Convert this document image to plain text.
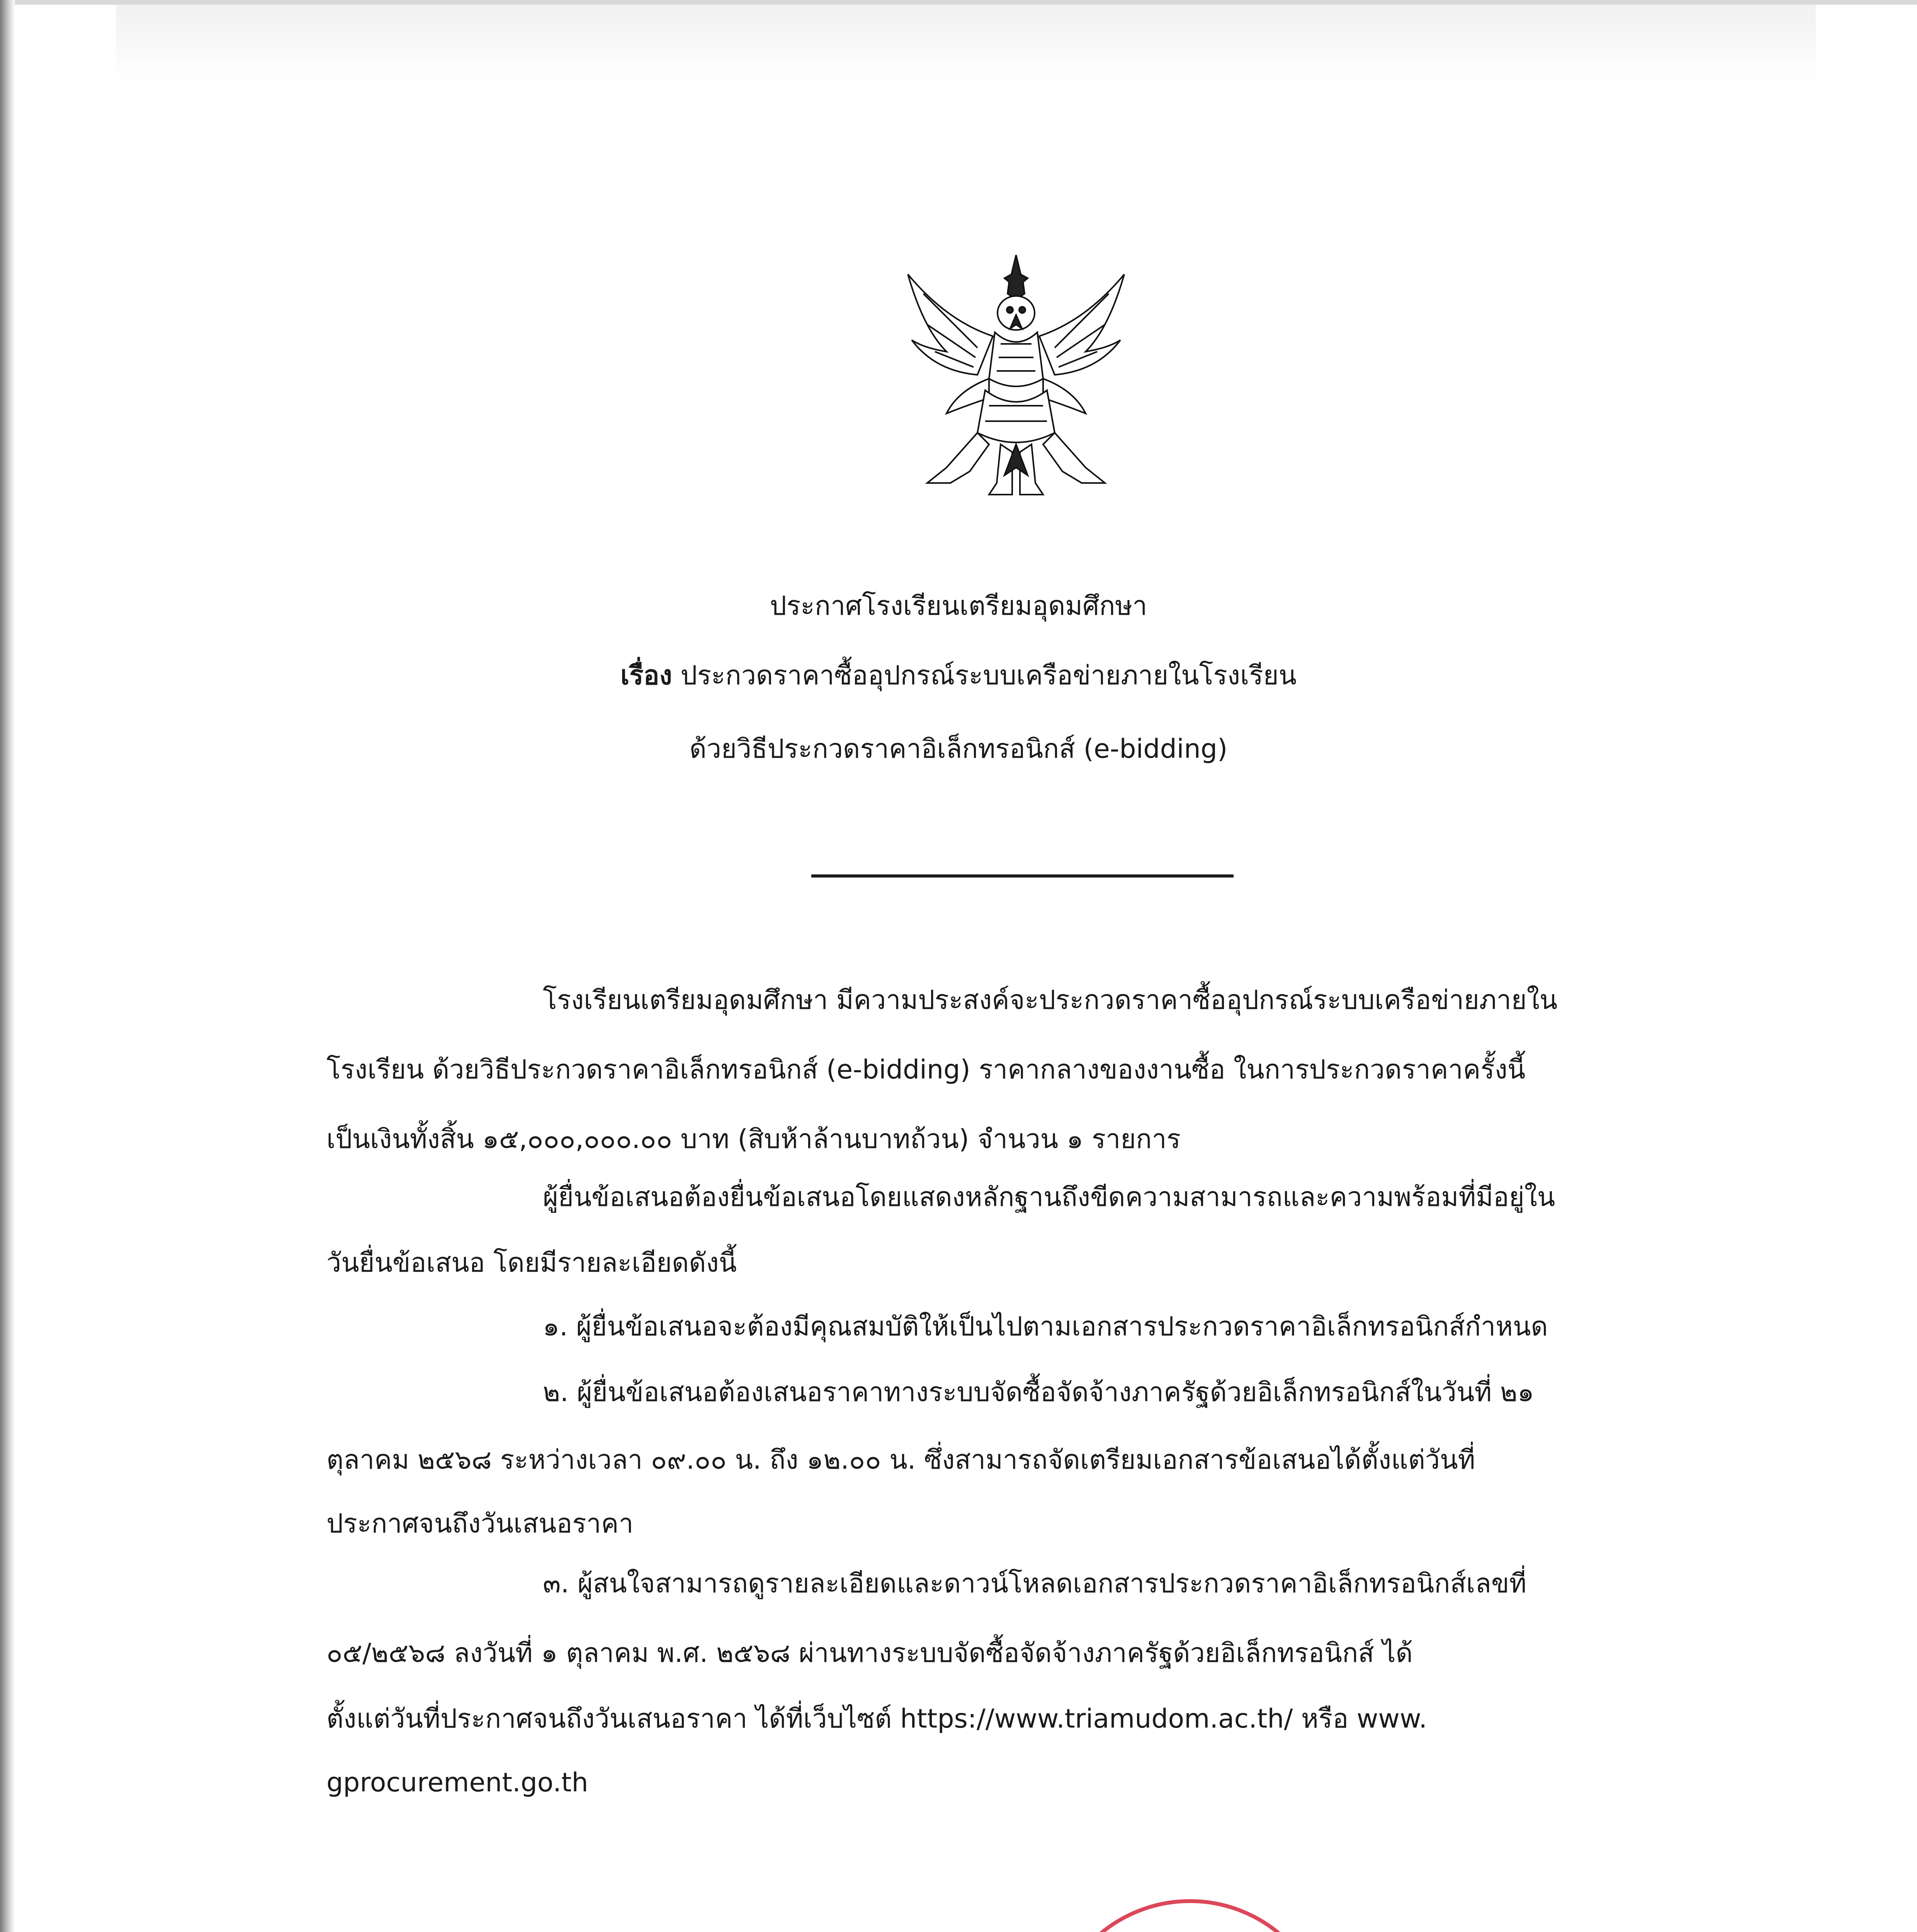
ประกาศโรงเรียนเตรียมอุดมศึกษา
เรื่อง ประกวดราคาซื้ออุปกรณ์ระบบเครือข่ายภายในโรงเรียน
ด้วยวิธีประกวดราคาอิเล็กทรอนิกส์ (e-bidding)
โรงเรียนเตรียมอุดมศึกษา มีความประสงค์จะประกวดราคาซื้ออุปกรณ์ระบบเครือข่ายภายใน
โรงเรียน ด้วยวิธีประกวดราคาอิเล็กทรอนิกส์ (e-bidding) ราคากลางของงานซื้อ ในการประกวดราคาครั้งนี้
เป็นเงินทั้งสิ้น ๑๕,๐๐๐,๐๐๐.๐๐ บาท (สิบห้าล้านบาทถ้วน) จำนวน ๑ รายการ
ผู้ยื่นข้อเสนอต้องยื่นข้อเสนอโดยแสดงหลักฐานถึงขีดความสามารถและความพร้อมที่มีอยู่ใน
วันยื่นข้อเสนอ โดยมีรายละเอียดดังนี้
๑. ผู้ยื่นข้อเสนอจะต้องมีคุณสมบัติให้เป็นไปตามเอกสารประกวดราคาอิเล็กทรอนิกส์กำหนด
๒. ผู้ยื่นข้อเสนอต้องเสนอราคาทางระบบจัดซื้อจัดจ้างภาครัฐด้วยอิเล็กทรอนิกส์ในวันที่ ๒๑
ตุลาคม ๒๕๖๘ ระหว่างเวลา ๐๙.๐๐ น. ถึง ๑๒.๐๐ น. ซึ่งสามารถจัดเตรียมเอกสารข้อเสนอได้ตั้งแต่วันที่
ประกาศจนถึงวันเสนอราคา
๓. ผู้สนใจสามารถดูรายละเอียดและดาวน์โหลดเอกสารประกวดราคาอิเล็กทรอนิกส์เลขที่
๐๕/๒๕๖๘ ลงวันที่ ๑ ตุลาคม พ.ศ. ๒๕๖๘ ผ่านทางระบบจัดซื้อจัดจ้างภาครัฐด้วยอิเล็กทรอนิกส์ ได้
ตั้งแต่วันที่ประกาศจนถึงวันเสนอราคา ได้ที่เว็บไซต์ https://www.triamudom.ac.th/ หรือ www.
gprocurement.go.th
